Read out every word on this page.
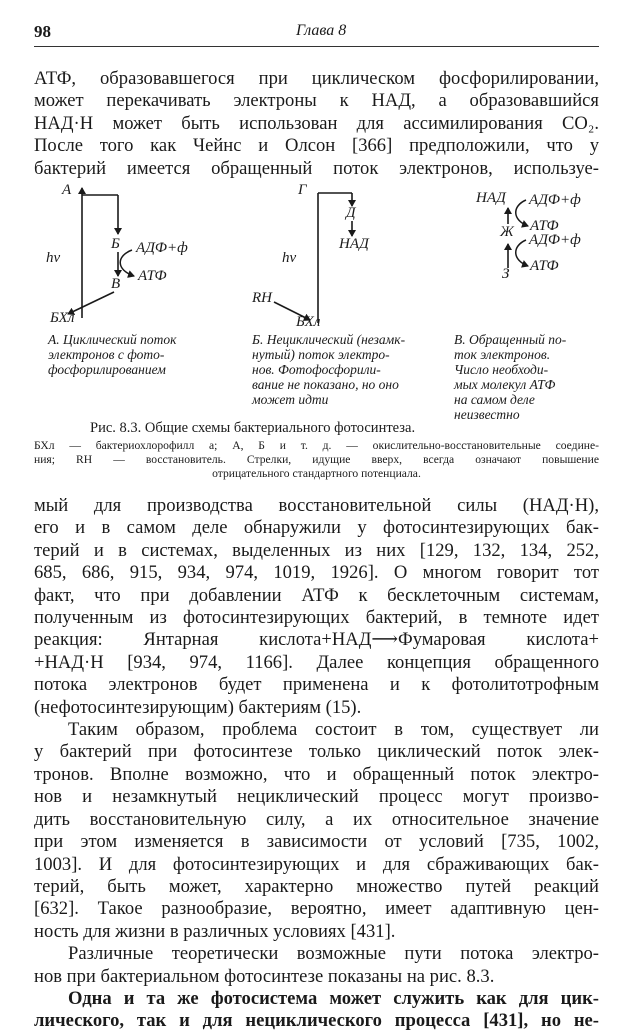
98	Глава 8
АТФ, образовавшегося при циклическом фосфорилировании,
может перекачивать электроны к НАД, а образовавшийся
НАД·Н может быть использован для ассимилирования CO₂.
После того как Чейнс и Олсон [366] предположили, что у
бактерий имеется обращенный поток электронов, используе-
A
Б
В
БХл
hν
АДФ+ф
АТФ
А. Циклический поток
электронов с фото-
фосфорилированием
Г
Д
НАД
hν
RH
БХл
Б. Нециклический (незамк-
нутый) поток электро-
нов. Фотофосфорили-
вание не показано, но оно
может идти
НАД
Ж
З
АДФ+ф
АТФ
АДФ+ф
АТФ
В. Обращенный по-
ток электронов.
Число необходи-
мых молекул АТФ
на самом деле
неизвестно
Рис. 8.3. Общие схемы бактериального фотосинтеза.
БХл — бактериохлорофилл а; А, Б и т. д. — окислительно-восстановительные соедине-
ния; RH — восстановитель. Стрелки, идущие вверх, всегда означают повышение
отрицательного стандартного потенциала.
мый для производства восстановительной силы (НАД·Н),
его и в самом деле обнаружили у фотосинтезирующих бак-
терий и в системах, выделенных из них [129, 132, 134, 252,
685, 686, 915, 934, 974, 1019, 1926]. О многом говорит тот
факт, что при добавлении АТФ к бесклеточным системам,
полученным из фотосинтезирующих бактерий, в темноте идет
реакция: Янтарная кислота+НАД⟶Фумаровая кислота+
+НАД·Н [934, 974, 1166]. Далее концепция обращенного
потока электронов будет применена и к фотолитотрофным
(нефотосинтезирующим) бактериям (15).
Таким образом, проблема состоит в том, существует ли
у бактерий при фотосинтезе только циклический поток элек-
тронов. Вполне возможно, что и обращенный поток электро-
нов и незамкнутый нециклический процесс могут произво-
дить восстановительную силу, а их относительное значение
при этом изменяется в зависимости от условий [735, 1002,
1003]. И для фотосинтезирующих и для сбраживающих бак-
терий, быть может, характерно множество путей реакций
[632]. Такое разнообразие, вероятно, имеет адаптивную цен-
ность для жизни в различных условиях [431].
Различные теоретически возможные пути потока электро-
нов при бактериальном фотосинтезе показаны на рис. 8.3.
Одна и та же фотосистема может служить как для цик-
лического, так и для нециклического процесса [431], но не-
